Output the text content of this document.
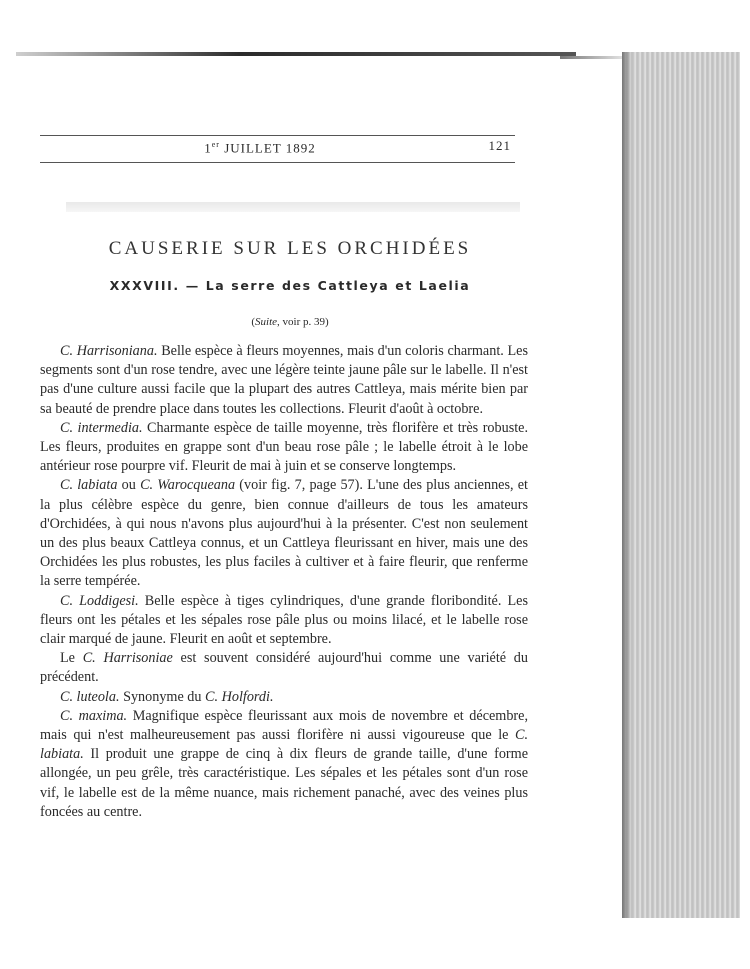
1er JUILLET 1892	121
CAUSERIE SUR LES ORCHIDÉES
XXXVIII. — La serre des Cattleya et Laelia
(Suite, voir p. 39)

C. Harrisoniana. Belle espèce à fleurs moyennes, mais d'un coloris charmant. Les segments sont d'un rose tendre, avec une légère teinte jaune pâle sur le labelle. Il n'est pas d'une culture aussi facile que la plupart des autres Cattleya, mais mérite bien par sa beauté de prendre place dans toutes les collections. Fleurit d'août à octobre.

C. intermedia. Charmante espèce de taille moyenne, très florifère et très robuste. Les fleurs, produites en grappe sont d'un beau rose pâle ; le labelle étroit à le lobe antérieur rose pourpre vif. Fleurit de mai à juin et se conserve longtemps.

C. labiata ou C. Warocqueana (voir fig. 7, page 57). L'une des plus anciennes, et la plus célèbre espèce du genre, bien connue d'ailleurs de tous les amateurs d'Orchidées, à qui nous n'avons plus aujourd'hui à la présenter. C'est non seulement un des plus beaux Cattleya connus, et un Cattleya fleurissant en hiver, mais une des Orchidées les plus robustes, les plus faciles à cultiver et à faire fleurir, que renferme la serre tempérée.

C. Loddigesi. Belle espèce à tiges cylindriques, d'une grande floribondité. Les fleurs ont les pétales et les sépales rose pâle plus ou moins lilacé, et le labelle rose clair marqué de jaune. Fleurit en août et septembre.

Le C. Harrisoniae est souvent considéré aujourd'hui comme une variété du précédent.

C. luteola. Synonyme du C. Holfordi.

C. maxima. Magnifique espèce fleurissant aux mois de novembre et décembre, mais qui n'est malheureusement pas aussi florifère ni aussi vigoureuse que le C. labiata. Il produit une grappe de cinq à dix fleurs de grande taille, d'une forme allongée, un peu grêle, très caractéristique. Les sépales et les pétales sont d'un rose vif, le labelle est de la même nuance, mais richement panaché, avec des veines plus foncées au centre.
